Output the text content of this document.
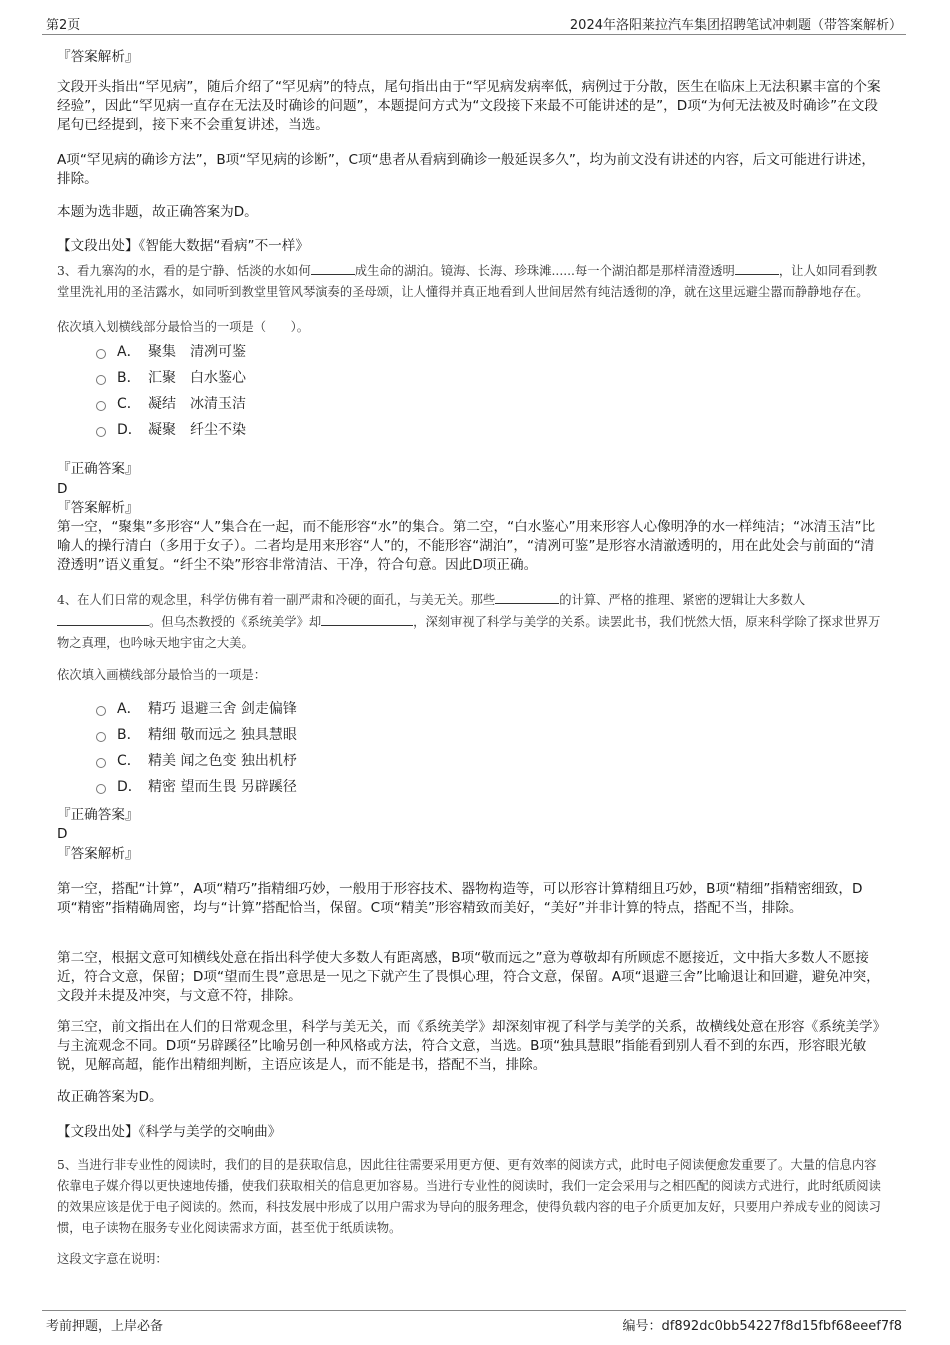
第2页	2024年洛阳莱拉汽车集团招聘笔试冲刺题（带答案解析）
『答案解析』
文段开头指出“罕见病”，随后介绍了“罕见病”的特点，尾句指出由于“罕见病发病率低，病例过于分散，医生在临床上无法积累丰富的个案经验”，因此“罕见病一直存在无法及时确诊的问题”，本题提问方式为“文段接下来最不可能讲述的是”，D项“为何无法被及时确诊”在文段尾句已经提到，接下来不会重复讲述，当选。
A项“罕见病的确诊方法”，B项“罕见病的诊断”，C项“患者从看病到确诊一般延误多久”，均为前文没有讲述的内容，后文可能进行讲述，排除。
本题为选非题，故正确答案为D。
【文段出处】《智能大数据“看病”不一样》
3、看九寨沟的水，看的是宁静、恬淡的水如何	成生命的湖泊。镜海、长海、珍珠滩......每一个湖泊都是那样清澄透明	，让人如同看到教堂里洗礼用的圣洁露水，如同听到教堂里管风琴演奏的圣母颂，让人懂得并真正地看到人世间居然有纯洁透彻的净，就在这里远避尘嚣而静静地存在。
依次填入划横线部分最恰当的一项是（　　）。
A． 聚集　清冽可鉴
B． 汇聚　白水鉴心
C． 凝结　冰清玉洁
D． 凝聚　纤尘不染
『正确答案』
D
『答案解析』
第一空，“聚集”多形容“人”集合在一起，而不能形容“水”的集合。第二空，“白水鉴心”用来形容人心像明净的水一样纯洁；“冰清玉洁”比喻人的操行清白（多用于女子）。二者均是用来形容“人”的，不能形容“湖泊”，“清冽可鉴”是形容水清澈透明的，用在此处会与前面的“清澄透明”语义重复。“纤尘不染”形容非常清洁、干净，符合句意。因此D项正确。
4、在人们日常的观念里，科学仿佛有着一副严肃和冷硬的面孔，与美无关。那些	的计算、严格的推理、紧密的逻辑让大多数人。但乌杰教授的《系统美学》却	，深刻审视了科学与美学的关系。读罢此书，我们恍然大悟，原来科学除了探求世界万物之真理，也吟咏天地宇宙之大美。
依次填入画横线部分最恰当的一项是：
A． 精巧 退避三舍 剑走偏锋
B． 精细 敬而远之 独具慧眼
C． 精美 闻之色变 独出机杼
D． 精密 望而生畏 另辟蹊径
『正确答案』
D
『答案解析』
第一空，搭配“计算”，A项“精巧”指精细巧妙，一般用于形容技术、器物构造等，可以形容计算精细且巧妙，B项“精细”指精密细致，D项“精密”指精确周密，均与“计算”搭配恰当，保留。C项“精美”形容精致而美好，“美好”并非计算的特点，搭配不当，排除。
第二空，根据文意可知横线处意在指出科学使大多数人有距离感，B项“敬而远之”意为尊敬却有所顾虑不愿接近，文中指大多数人不愿接近，符合文意，保留；D项“望而生畏”意思是一见之下就产生了畏惧心理，符合文意，保留。A项“退避三舍”比喻退让和回避，避免冲突，文段并未提及冲突，与文意不符，排除。
第三空，前文指出在人们的日常观念里，科学与美无关，而《系统美学》却深刻审视了科学与美学的关系，故横线处意在形容《系统美学》与主流观念不同。D项“另辟蹊径”比喻另创一种风格或方法，符合文意，当选。B项“独具慧眼”指能看到别人看不到的东西，形容眼光敏锐，见解高超，能作出精细判断，主语应该是人，而不能是书，搭配不当，排除。
故正确答案为D。
【文段出处】《科学与美学的交响曲》
5、当进行非专业性的阅读时，我们的目的是获取信息，因此往往需要采用更方便、更有效率的阅读方式，此时电子阅读便愈发重要了。大量的信息内容依靠电子媒介得以更快速地传播，使我们获取相关的信息更加容易。当进行专业性的阅读时，我们一定会采用与之相匹配的阅读方式进行，此时纸质阅读的效果应该是优于电子阅读的。然而，科技发展中形成了以用户需求为导向的服务理念，使得负载内容的电子介质更加友好，只要用户养成专业的阅读习惯，电子读物在服务专业化阅读需求方面，甚至优于纸质读物。
这段文字意在说明：
考前押题，上岸必备	编号：df892dc0bb54227f8d15fbf68eeef7f8
